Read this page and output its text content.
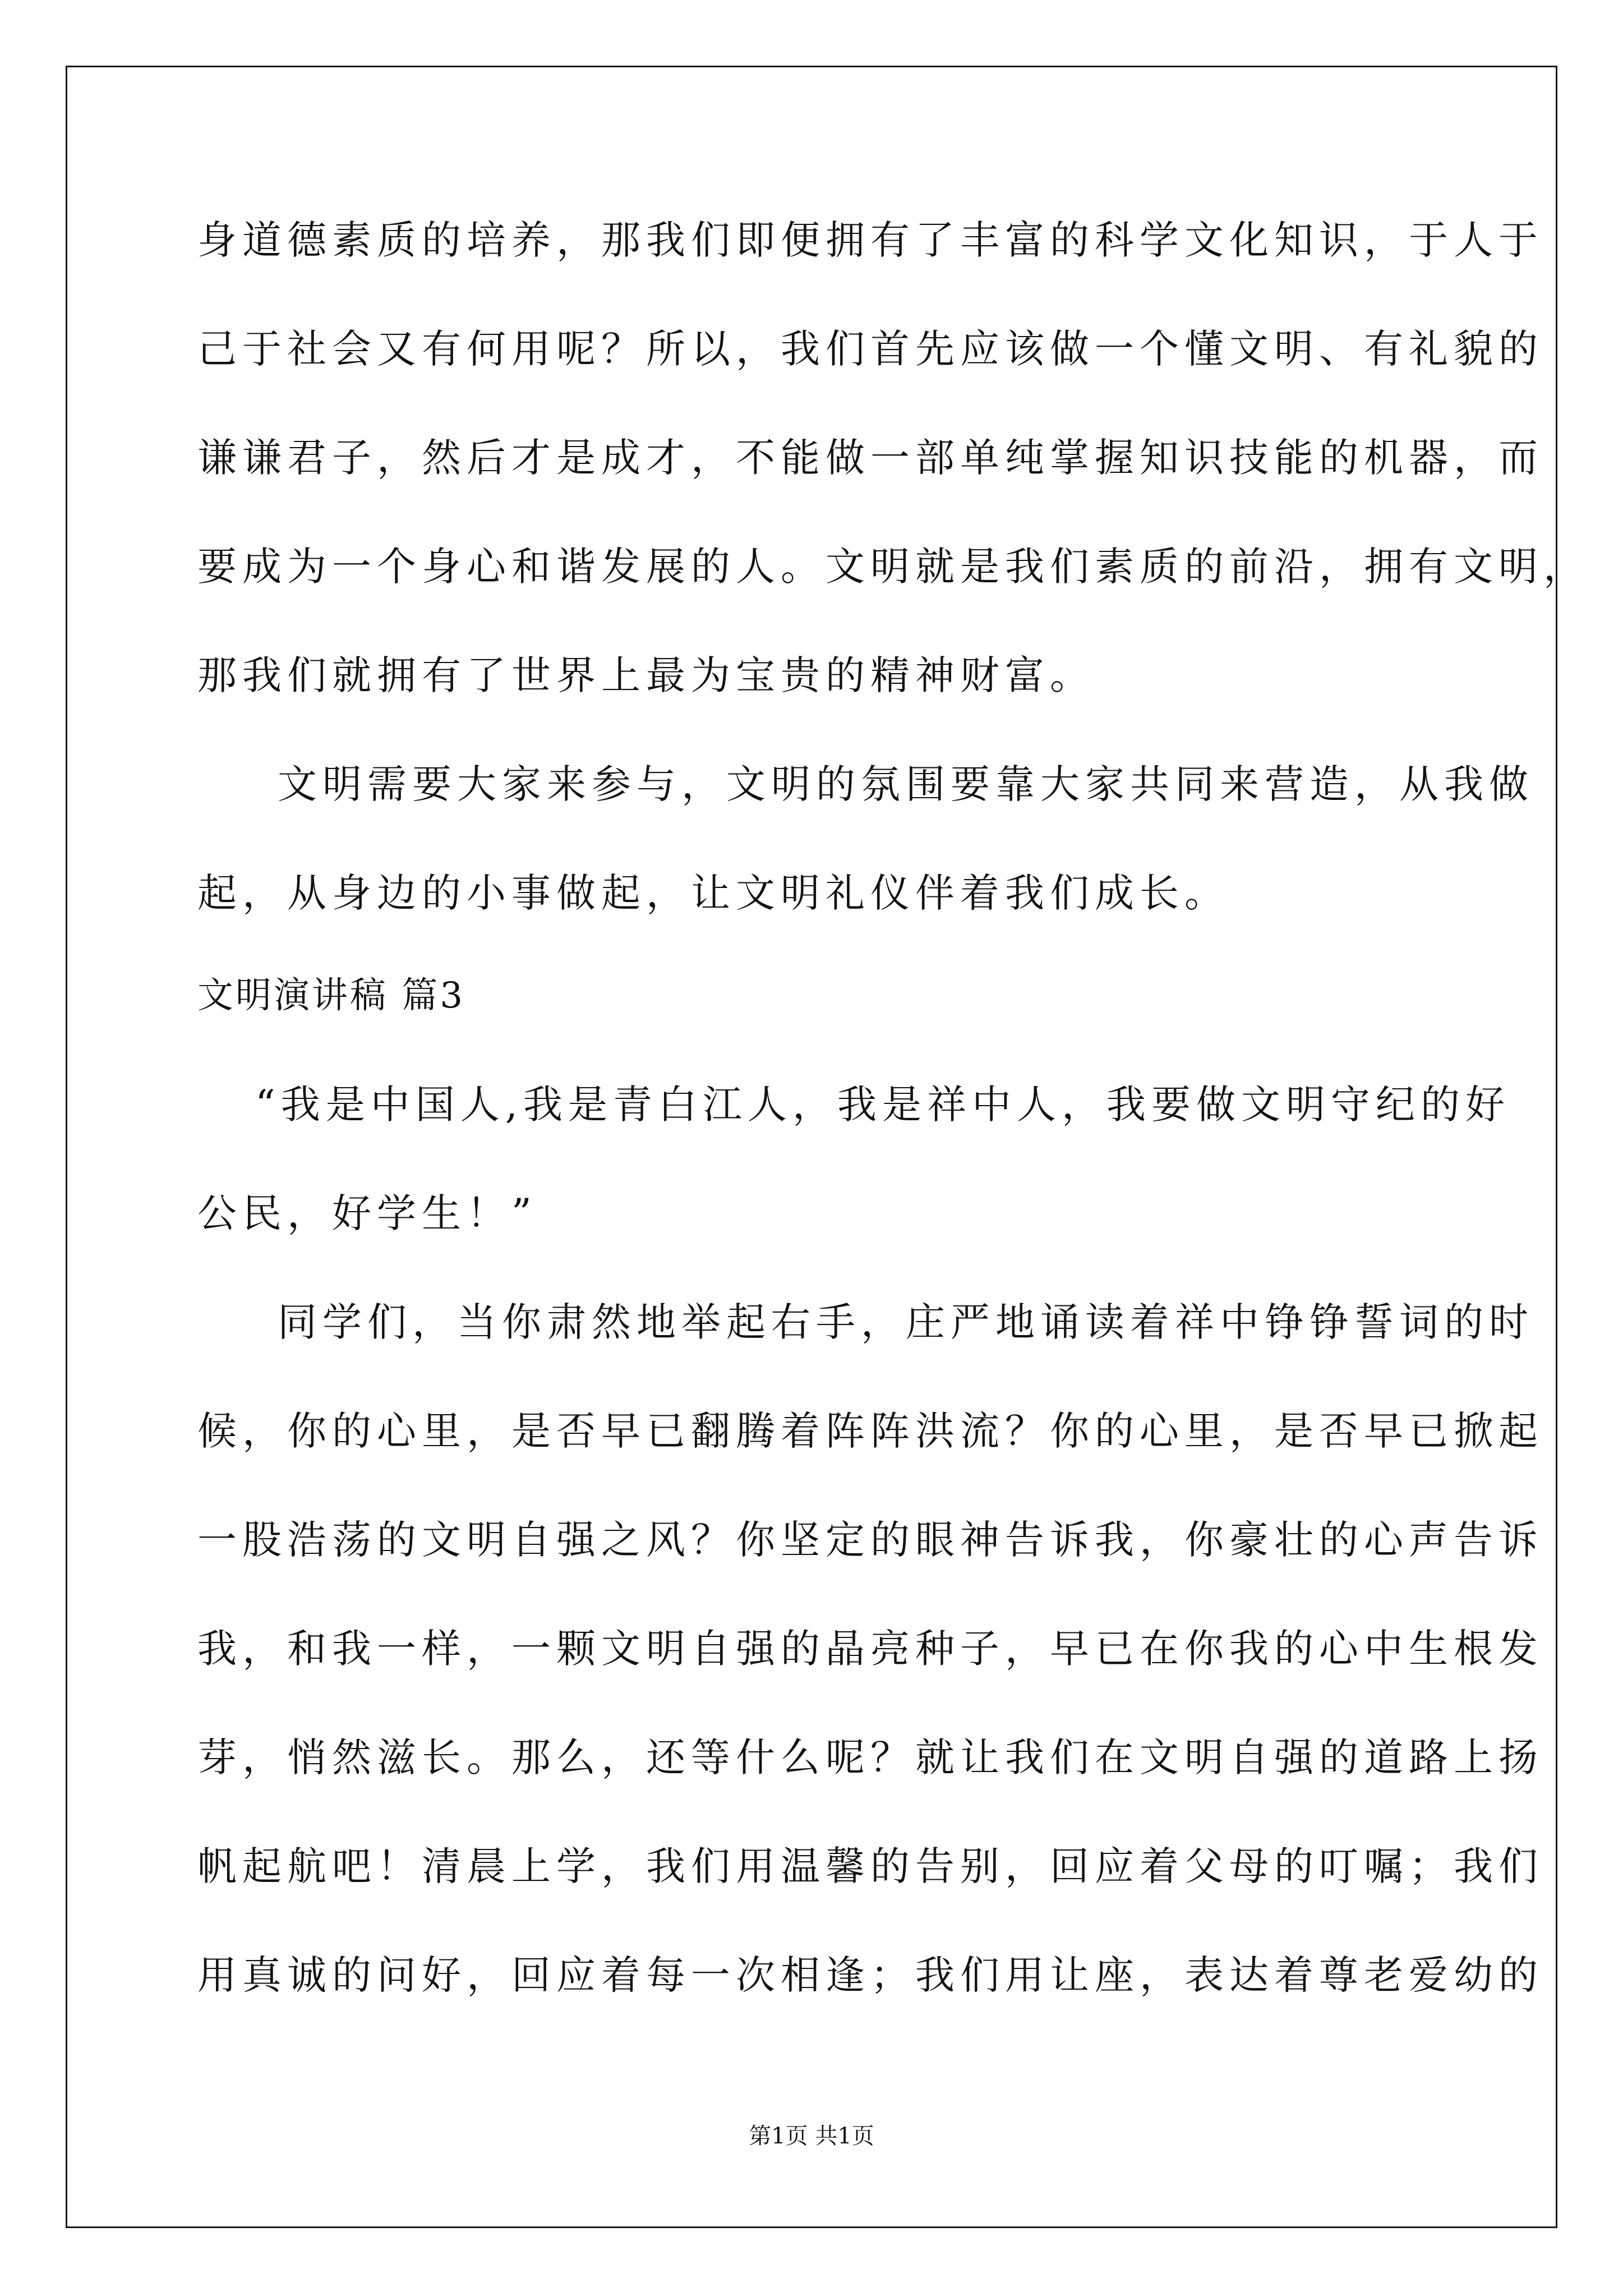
身道德素质的培养，那我们即便拥有了丰富的科学文化知识，于人于
己于社会又有何用呢？所以，我们首先应该做一个懂文明、有礼貌的
谦谦君子，然后才是成才，不能做一部单纯掌握知识技能的机器，而
要成为一个身心和谐发展的人。文明就是我们素质的前沿，拥有文明，
那我们就拥有了世界上最为宝贵的精神财富。
文明需要大家来参与，文明的氛围要靠大家共同来营造，从我做
起，从身边的小事做起，让文明礼仪伴着我们成长。
文明演讲稿 篇3
“我是中国人,我是青白江人，我是祥中人，我要做文明守纪的好
公民，好学生！”
同学们，当你肃然地举起右手，庄严地诵读着祥中铮铮誓词的时
候，你的心里，是否早已翻腾着阵阵洪流？你的心里，是否早已掀起
一股浩荡的文明自强之风？你坚定的眼神告诉我，你豪壮的心声告诉
我，和我一样，一颗文明自强的晶亮种子，早已在你我的心中生根发
芽，悄然滋长。那么，还等什么呢？就让我们在文明自强的道路上扬
帆起航吧！清晨上学，我们用温馨的告别，回应着父母的叮嘱；我们
用真诚的问好，回应着每一次相逢；我们用让座，表达着尊老爱幼的
第1页 共1页
